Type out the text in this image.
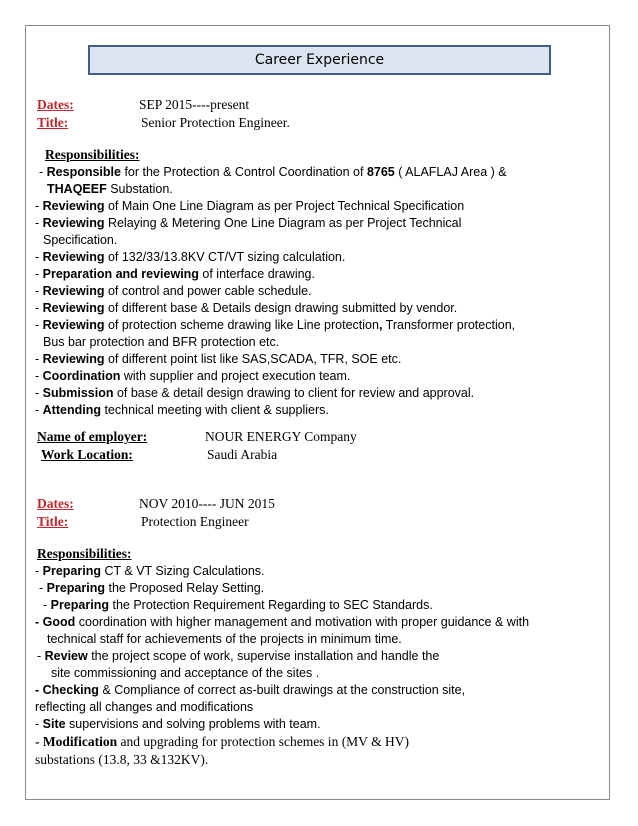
Career Experience
Dates:	SEP 2015----present
Title:	Senior Protection Engineer.
Responsibilities:
- Responsible for the Protection & Control Coordination of 8765 ( ALAFLAJ Area ) &
THAQEEF Substation.
- Reviewing of Main One Line Diagram as per Project Technical Specification
- Reviewing Relaying & Metering One Line Diagram as per Project Technical
Specification.
- Reviewing of 132/33/13.8KV CT/VT sizing calculation.
- Preparation and reviewing of interface drawing.
- Reviewing of control and power cable schedule.
- Reviewing of different base & Details design drawing submitted by vendor.
- Reviewing of protection scheme drawing like Line protection, Transformer protection,
Bus bar protection and BFR protection etc.
- Reviewing of different point list like SAS,SCADA, TFR, SOE etc.
- Coordination with supplier and project execution team.
- Submission of base & detail design drawing to client for review and approval.
- Attending technical meeting with client & suppliers.
Name of employer:	NOUR ENERGY Company
Work Location:	Saudi Arabia
Dates:	NOV 2010---- JUN 2015
Title:	Protection Engineer
Responsibilities:
- Preparing CT & VT Sizing Calculations.
- Preparing the Proposed Relay Setting.
- Preparing the Protection Requirement Regarding to SEC Standards.
- Good coordination with higher management and motivation with proper guidance & with
technical staff for achievements of the projects in minimum time.
- Review the project scope of work, supervise installation and handle the
site commissioning and acceptance of the sites .
- Checking & Compliance of correct as-built drawings at the construction site,
reflecting all changes and modifications
- Site supervisions and solving problems with team.
- Modification and upgrading for protection schemes in (MV & HV)
substations (13.8, 33 &132KV).
